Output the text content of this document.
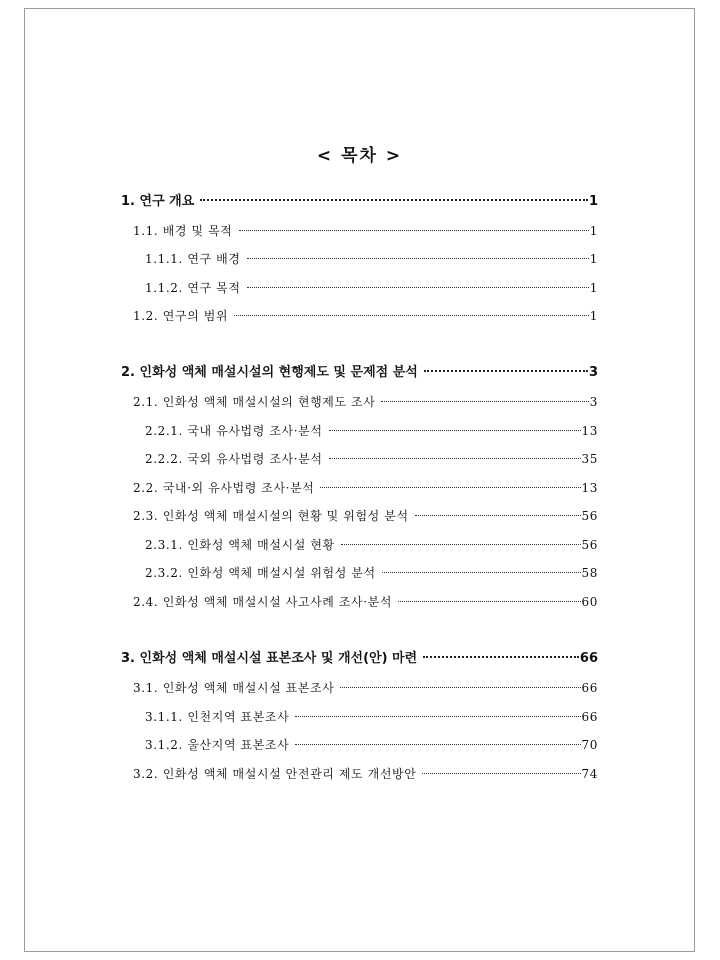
< 목차 >
1. 연구 개요	1
1.1. 배경 및 목적	1
1.1.1. 연구 배경	1
1.1.2. 연구 목적	1
1.2. 연구의 범위	1
2. 인화성 액체 매설시설의 현행제도 및 문제점 분석	3
2.1. 인화성 액체 매설시설의 현행제도 조사	3
2.2.1. 국내 유사법령 조사·분석	13
2.2.2. 국외 유사법령 조사·분석	35
2.2. 국내·외 유사법령 조사·분석	13
2.3. 인화성 액체 매설시설의 현황 및 위험성 분석	56
2.3.1. 인화성 액체 매설시설 현황	56
2.3.2. 인화성 액체 매설시설 위험성 분석	58
2.4. 인화성 액체 매설시설 사고사례 조사·분석	60
3. 인화성 액체 매설시설 표본조사 및 개선(안) 마련	66
3.1. 인화성 액체 매설시설 표본조사	66
3.1.1. 인천지역 표본조사	66
3.1.2. 울산지역 표본조사	70
3.2. 인화성 액체 매설시설 안전관리 제도 개선방안	74
